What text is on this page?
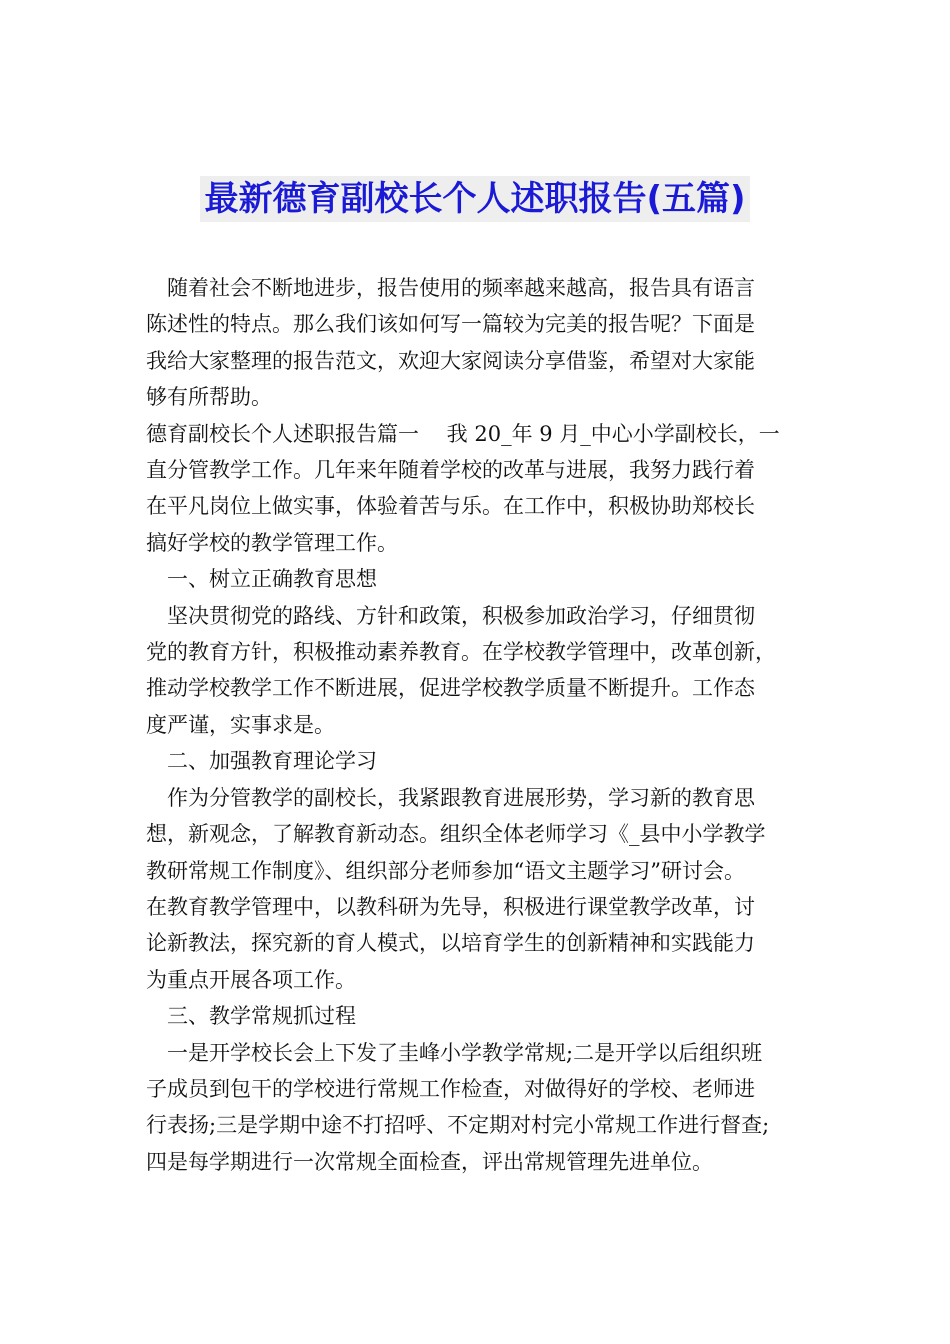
最新德育副校长个人述职报告(五篇)

随着社会不断地进步，报告使用的频率越来越高，报告具有语言

陈述性的特点。那么我们该如何写一篇较为完美的报告呢？下面是

我给大家整理的报告范文，欢迎大家阅读分享借鉴，希望对大家能

够有所帮助。

德育副校长个人述职报告篇一　 我 20_年 9 月_中心小学副校长，一

直分管教学工作。几年来年随着学校的改革与进展，我努力践行着

在平凡岗位上做实事，体验着苦与乐。在工作中，积极协助郑校长

搞好学校的教学管理工作。

一、树立正确教育思想

坚决贯彻党的路线、方针和政策，积极参加政治学习，仔细贯彻

党的教育方针，积极推动素养教育。在学校教学管理中，改革创新，

推动学校教学工作不断进展，促进学校教学质量不断提升。工作态

度严谨，实事求是。

二、加强教育理论学习

作为分管教学的副校长，我紧跟教育进展形势，学习新的教育思

想，新观念，了解教育新动态。组织全体老师学习《_县中小学教学

教研常规工作制度》、组织部分老师参加“语文主题学习”研讨会。

在教育教学管理中，以教科研为先导，积极进行课堂教学改革，讨

论新教法，探究新的育人模式，以培育学生的创新精神和实践能力

为重点开展各项工作。

三、教学常规抓过程

一是开学校长会上下发了圭峰小学教学常规;二是开学以后组织班

子成员到包干的学校进行常规工作检查，对做得好的学校、老师进

行表扬;三是学期中途不打招呼、不定期对村完小常规工作进行督查;

四是每学期进行一次常规全面检查，评出常规管理先进单位。
